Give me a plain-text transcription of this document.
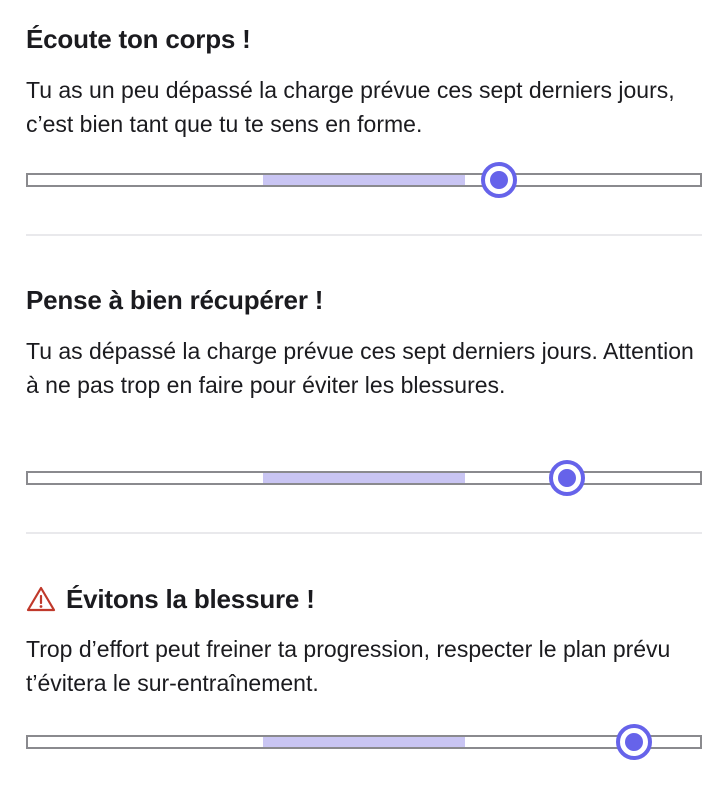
Écoute ton corps !

Tu as un peu dépassé la charge prévue ces sept derniers jours, c’est bien tant que tu te sens en forme.

Pense à bien récupérer !

Tu as dépassé la charge prévue ces sept derniers jours. Attention à ne pas trop en faire pour éviter les blessures.

Évitons la blessure !

Trop d’effort peut freiner ta progression, respecter le plan prévu t’évitera le sur-entraînement.
